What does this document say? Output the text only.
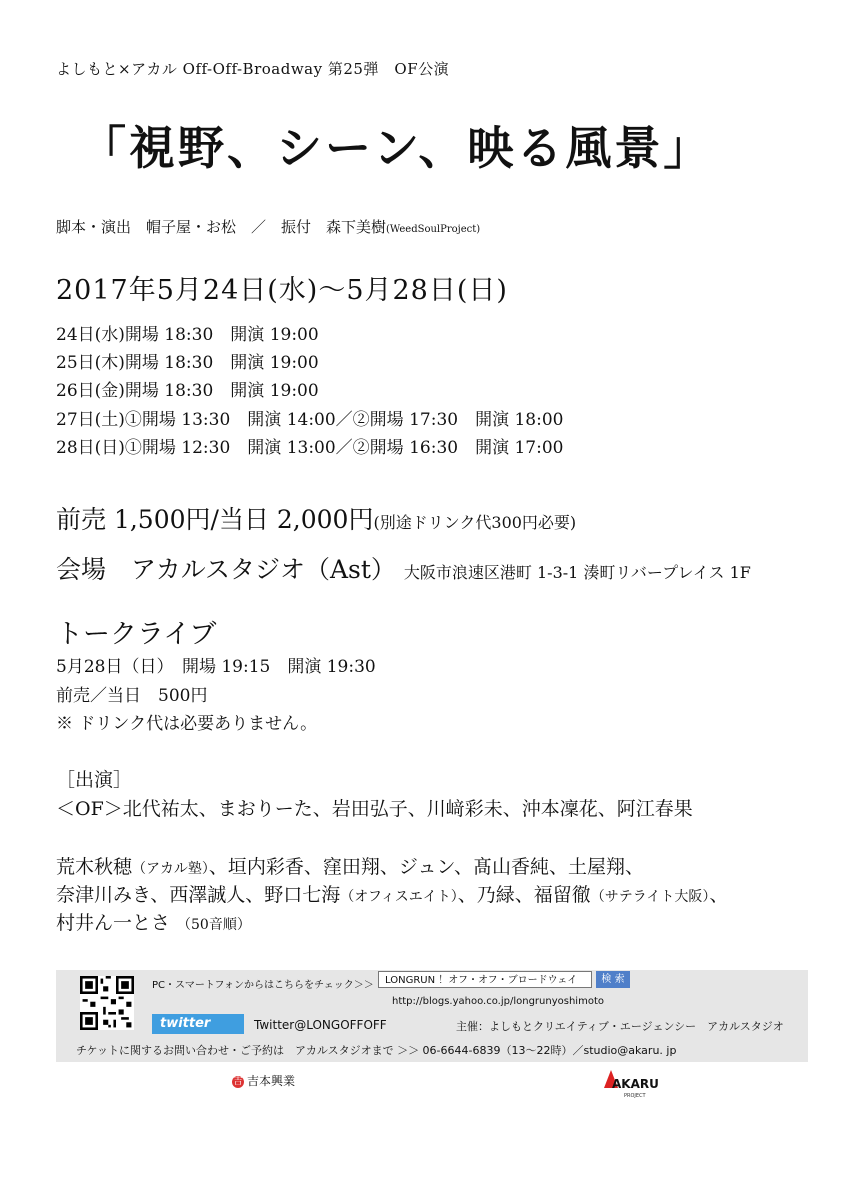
よしもと×アカル Off-Off-Broadway 第25弾　OF公演
「視野、シーン、映る風景」
脚本・演出　帽子屋・お松　／　振付　森下美樹(WeedSoulProject)
2017年5月24日(水)〜5月28日(日)
24日(水)開場 18:30　開演 19:00
25日(木)開場 18:30　開演 19:00
26日(金)開場 18:30　開演 19:00
27日(土)①開場 13:30　開演 14:00／②開場 17:30　開演 18:00
28日(日)①開場 12:30　開演 13:00／②開場 16:30　開演 17:00
前売 1,500円/当日 2,000円(別途ドリンク代300円必要)
会場　アカルスタジオ（Ast） 大阪市浪速区港町 1-3-1 湊町リバープレイス 1F
トークライブ
5月28日（日）　開場 19:15　開演 19:30
前売／当日　500円
※ ドリンク代は必要ありません。
［出演］
＜OF＞北代祐太、まおりーた、岩田弘子、川﨑彩未、沖本凜花、阿江春果
荒木秋穂（アカル塾）、垣内彩香、窪田翔、ジュン、髙山香純、土屋翔、
奈津川みき、西澤誠人、野口七海（オフィスエイト）、乃緑、福留徹（サテライト大阪）、
村井ん一とさ　（50音順）
PC・スマートフォンからはこちらをチェック＞＞	LONGRUN ！オフ・オフ・ブロードウェイ	検 索
http://blogs.yahoo.co.jp/longrunyoshimoto
twitter	Twitter@LONGOFFOFF	主催：よしもとクリエイティブ・エージェンシー　アカルスタジオ
チケットに関するお問い合わせ・ご予約は　アカルスタジオまで ＞＞ 06-6644-6839（13〜22時）／studio@akaru. jp
吉 吉本興業	AKARU
PROJECT
